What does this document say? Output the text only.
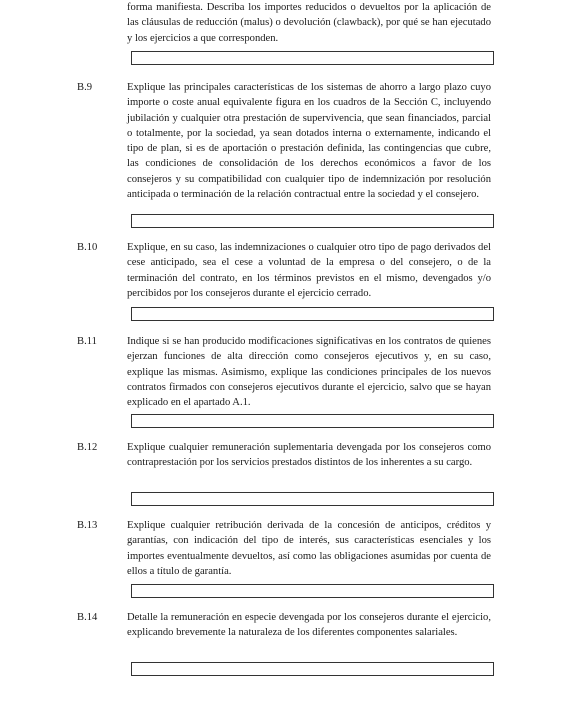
forma manifiesta. Describa los importes reducidos o devueltos por la aplicación de las cláusulas de reducción (malus) o devolución (clawback), por qué se han ejecutado y los ejercicios a que corresponden.
B.9	Explique las principales características de los sistemas de ahorro a largo plazo cuyo importe o coste anual equivalente figura en los cuadros de la Sección C, incluyendo jubilación y cualquier otra prestación de supervivencia, que sean financiados, parcial o totalmente, por la sociedad, ya sean dotados interna o externamente, indicando el tipo de plan, si es de aportación o prestación definida, las contingencias que cubre, las condiciones de consolidación de los derechos económicos a favor de los consejeros y su compatibilidad con cualquier tipo de indemnización por resolución anticipada o terminación de la relación contractual entre la sociedad y el consejero.
B.10	Explique, en su caso, las indemnizaciones o cualquier otro tipo de pago derivados del cese anticipado, sea el cese a voluntad de la empresa o del consejero, o de la terminación del contrato, en los términos previstos en el mismo, devengados y/o percibidos por los consejeros durante el ejercicio cerrado.
B.11	Indique si se han producido modificaciones significativas en los contratos de quienes ejerzan funciones de alta dirección como consejeros ejecutivos y, en su caso, explique las mismas. Asimismo, explique las condiciones principales de los nuevos contratos firmados con consejeros ejecutivos durante el ejercicio, salvo que se hayan explicado en el apartado A.1.
B.12	Explique cualquier remuneración suplementaria devengada por los consejeros como contraprestación por los servicios prestados distintos de los inherentes a su cargo.
B.13	Explique cualquier retribución derivada de la concesión de anticipos, créditos y garantías, con indicación del tipo de interés, sus características esenciales y los importes eventualmente devueltos, así como las obligaciones asumidas por cuenta de ellos a título de garantía.
B.14	Detalle la remuneración en especie devengada por los consejeros durante el ejercicio, explicando brevemente la naturaleza de los diferentes componentes salariales.
